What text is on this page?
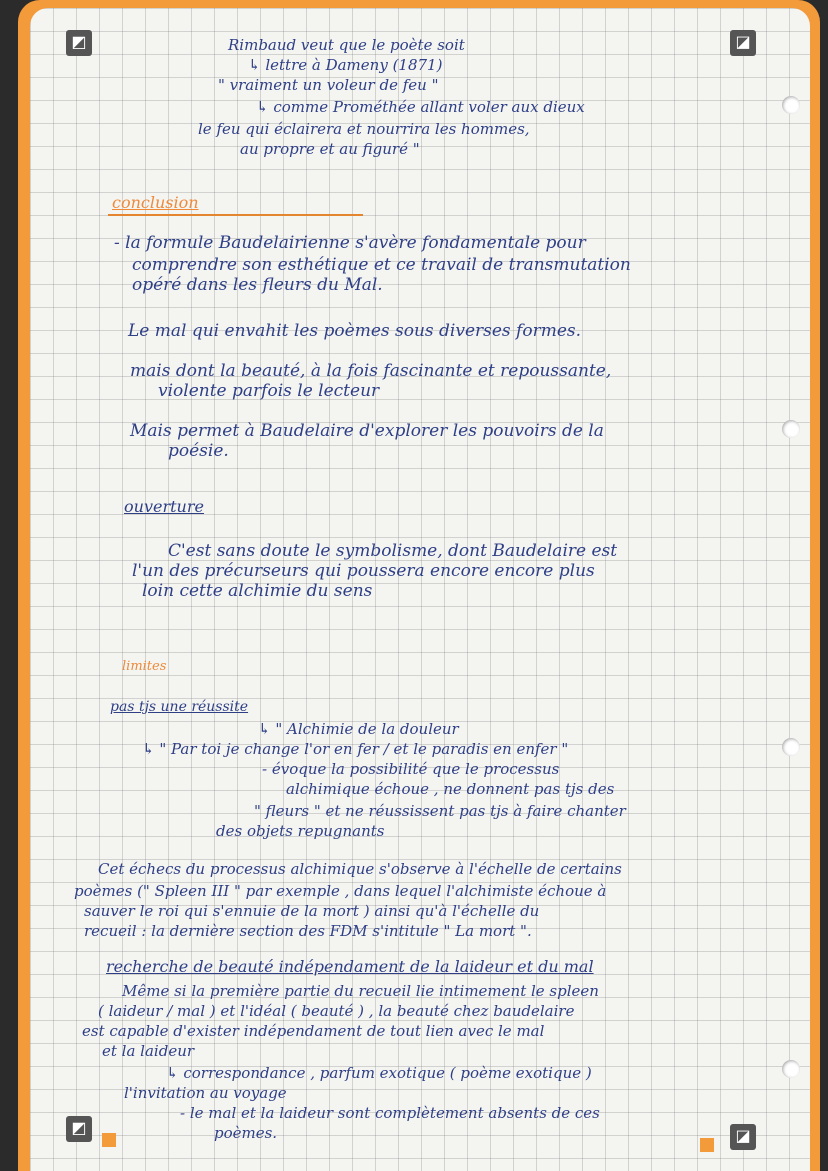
◩	◪
◩	◪
Rimbaud veut que le poète soit
↳ lettre à Dameny (1871)
" vraiment un voleur de feu "
↳ comme Prométhée allant voler aux dieux
le feu qui éclairera et nourrira les hommes,
au propre et au figuré "
conclusion
- la formule Baudelairienne s'avère fondamentale pour
comprendre son esthétique et ce travail de transmutation
opéré dans les fleurs du Mal.
Le mal qui envahit les poèmes sous diverses formes.
mais dont la beauté, à la fois fascinante et repoussante,
violente parfois le lecteur
Mais permet à Baudelaire d'explorer les pouvoirs de la
poésie.
ouverture
C'est sans doute le symbolisme, dont Baudelaire est
l'un des précurseurs qui poussera encore encore plus
loin cette alchimie du sens
limites
pas tjs une réussite
↳ " Alchimie de la douleur
↳ " Par toi je change l'or en fer / et le paradis en enfer "
- évoque la possibilité que le processus
alchimique échoue , ne donnent pas tjs des
" fleurs " et ne réussissent pas tjs à faire chanter
des objets repugnants
Cet échecs du processus alchimique s'observe à l'échelle de certains
poèmes (" Spleen III " par exemple , dans lequel l'alchimiste échoue à
sauver le roi qui s'ennuie de la mort ) ainsi qu'à l'échelle du
recueil : la dernière section des FDM s'intitule " La mort ".
recherche de beauté indépendament de la laideur et du mal
Même si la première partie du recueil lie intimement le spleen
( laideur / mal ) et l'idéal ( beauté ) , la beauté chez baudelaire
est capable d'exister indépendament de tout lien avec le mal
et la laideur
↳ correspondance , parfum exotique ( poème exotique )
l'invitation au voyage
- le mal et la laideur sont complètement absents de ces
poèmes.
